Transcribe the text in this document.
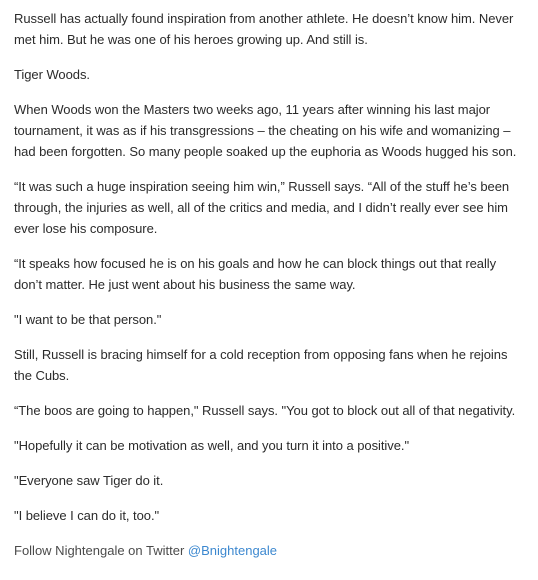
Russell has actually found inspiration from another athlete. He doesn’t know him. Never met him. But he was one of his heroes growing up. And still is.

Tiger Woods.

When Woods won the Masters two weeks ago, 11 years after winning his last major tournament, it was as if his transgressions – the cheating on his wife and womanizing – had been forgotten. So many people soaked up the euphoria as Woods hugged his son.

“It was such a huge inspiration seeing him win,” Russell says. “All of the stuff he’s been through, the injuries as well, all of the critics and media, and I didn’t really ever see him ever lose his composure.

“It speaks how focused he is on his goals and how he can block things out that really don’t matter. He just went about his business the same way.

"I want to be that person."

Still, Russell is bracing himself for a cold reception from opposing fans when he rejoins the Cubs.

“The boos are going to happen," Russell says. "You got to block out all of that negativity.

"Hopefully it can be motivation as well, and you turn it into a positive."

"Everyone saw Tiger do it.

"I believe I can do it, too."

Follow Nightengale on Twitter @Bnightengale
